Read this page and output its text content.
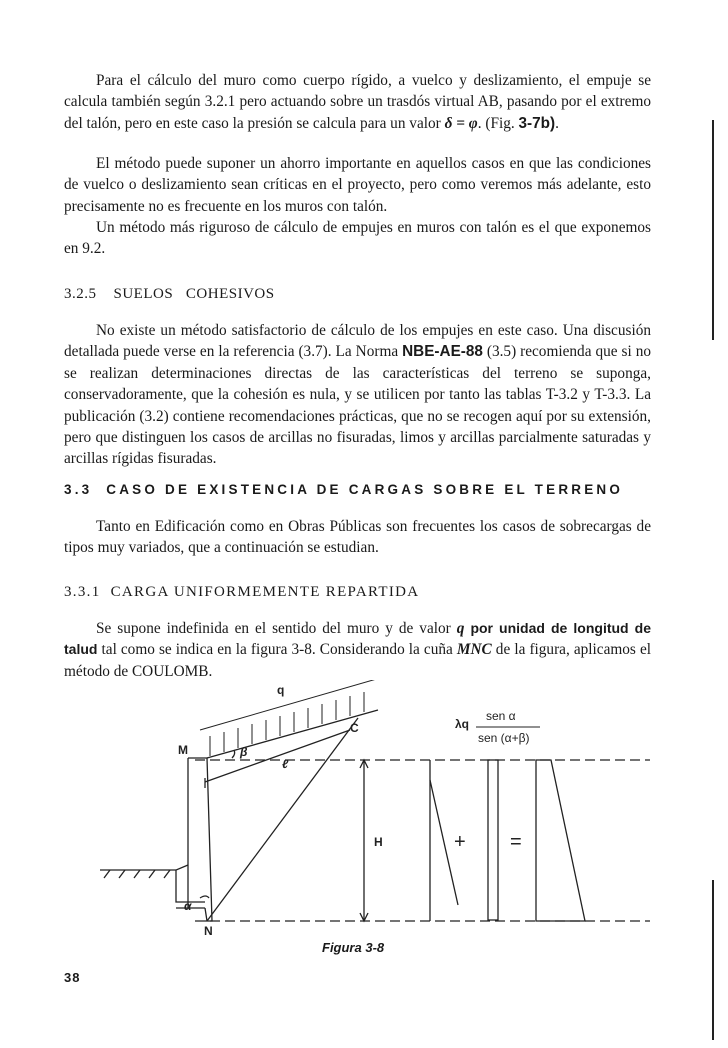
Para el cálculo del muro como cuerpo rígido, a vuelco y deslizamiento, el empuje se calcula también según 3.2.1 pero actuando sobre un trasdós virtual AB, pasando por el extremo del talón, pero en este caso la presión se calcula para un valor δ = φ. (Fig. 3-7b).

El método puede suponer un ahorro importante en aquellos casos en que las condiciones de vuelco o deslizamiento sean críticas en el proyecto, pero como veremos más adelante, esto precisamente no es frecuente en los muros con talón.

Un método más riguroso de cálculo de empujes en muros con talón es el que exponemos en 9.2.

3.2.5 SUELOS   COHESIVOS

No existe un método satisfactorio de cálculo de los empujes en este caso. Una discusión detallada puede verse en la referencia (3.7). La Norma NBE-AE-88 (3.5) recomienda que si no se realizan determinaciones directas de las características del terreno se suponga, conservadoramente, que la cohesión es nula, y se utilicen por tanto las tablas T-3.2 y T-3.3. La publicación (3.2) contiene recomendaciones prácticas, que no se recogen aquí por su extensión, pero que distinguen los casos de arcillas no fisuradas, limos y arcillas parcialmente saturadas y arcillas rígidas fisuradas.

3.3 CASO DE EXISTENCIA DE CARGAS SOBRE EL TERRENO

Tanto en Edificación como en Obras Públicas son frecuentes los casos de sobrecargas de tipos muy variados, que a continuación se estudian.

3.3.1 CARGA UNIFORMEMENTE REPARTIDA

Se supone indefinida en el sentido del muro y de valor q por unidad de longitud de talud tal como se indica en la figura 3-8. Considerando la cuña MNC de la figura, aplicamos el método de COULOMB.

q
M
C
β
ℓ
H
α
N
λq
sen α
sen (α+β)
+ =
Figura 3-8
38
